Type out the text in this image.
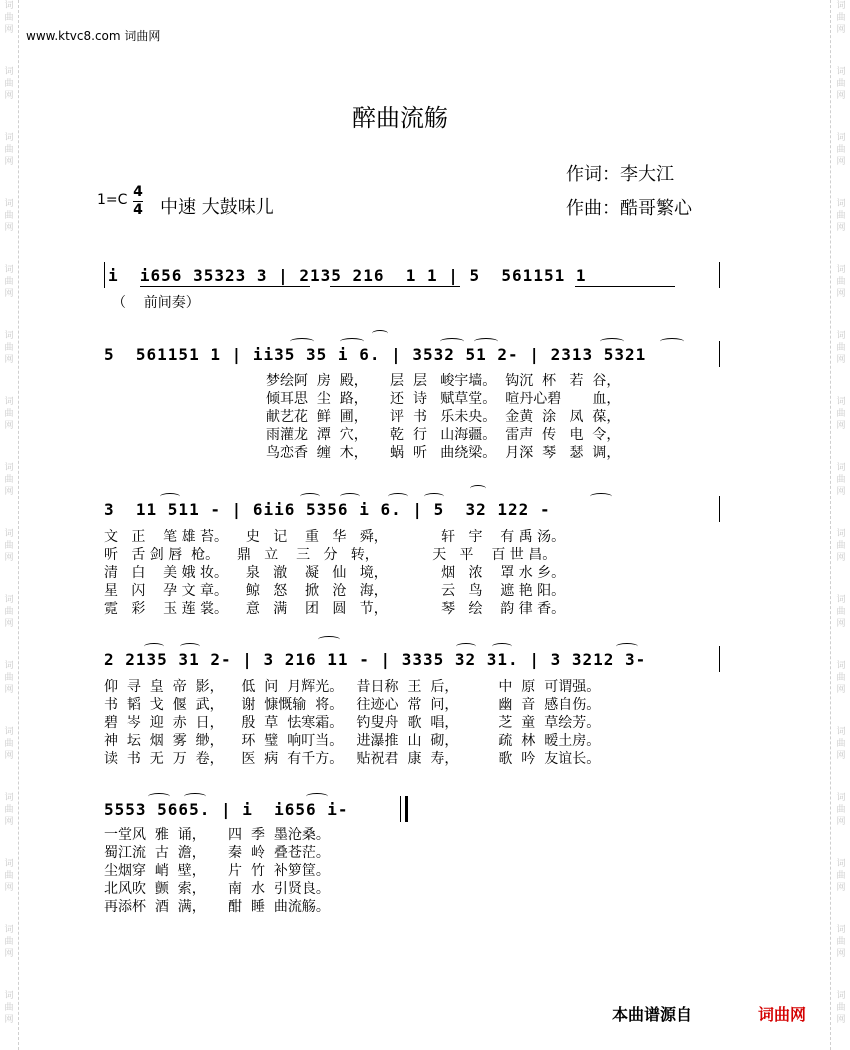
词
曲
网
词
曲
网
词
曲
网
词
曲
网
词
曲
网
词
曲
网
词
曲
网
词
曲
网
词
曲
网
词
曲
网
词
曲
网
词
曲
网
词
曲
网
词
曲
网
词
曲
网
词
曲
网
词
曲
网
词
曲
网
词
曲
网
词
曲
网
词
曲
网
词
曲
网
词
曲
网
词
曲
网
词
曲
网
词
曲
网
词
曲
网
词
曲
网
词
曲
网
词
曲
网
词
曲
网
词
曲
网
www.ktvc8.com 词曲网
醉曲流觞
作词：李大江
作曲：酷哥繁心
1=C 4
4 中速 大鼓味儿
i  i656 35323 3 | 2135 216  1 1 | 5  561151 1
（    前间奏）
5  561151 1 | ii35 35 i 6. | 3532 51 2- | 2313 5321
梦绘阿  房  殿，     层  层   峻宇墙。  钩沉  杯   若  谷，
倾耳思  尘  路，     还  诗   赋草堂。  喧丹心碧       血，
献艺花  鲜  圃，     评  书   乐未央。  金黄  涂   凤  葆，
雨灌龙  潭  穴，     乾  行   山海疆。  雷声  传   电  令，
鸟恋香  缠  木，     蜗  听   曲绕梁。  月深  琴   瑟  调，
3  11 511 - | 6ii6 5356 i 6. | 5  32 122 -
文   正    笔 雄 苔。    史   记    重   华   舜，            轩   宇    有 禹 汤。
听   舌 剑 唇  枪。    鼎   立    三   分   转，            天   平    百 世 昌。
清   白    美 娥 妆。    泉   澈    凝   仙   境，            烟   浓    罩 水 乡。
星   闪    孕 文 章。    鲸   怒    掀   沧   海，            云   鸟    遮 艳 阳。
霓   彩    玉 莲 裳。    意   满    团   圆   节，            琴   绘    韵 律 香。
2 2135 31 2- | 3 216 11 - | 3335 32 31. | 3 3212 3-
仰  寻  皇  帝  影，    低  问  月辉光。   昔日称  王  后，         中  原  可谓强。
书  韬  戈  偃  武，    谢  慷慨输  将。   往迹心  常  问，         幽  音  感自伤。
碧  岑  迎  赤  日，    殷  草  怯寒霜。   钓叟舟  歌  唱，         芝  童  草绘芳。
神  坛  烟  雾  缈，    环  璧  响叮当。   进瀑推  山  砌，         疏  林  暧土房。
读  书  无  万  卷，    医  病  有千方。   贴祝君  康  寿，         歌  吟  友谊长。
5553 5665. | i  i656 i-
一堂风  雅  诵，     四  季  墨沧桑。
蜀江流  古  澹，     秦  岭  叠苍茫。
尘烟穿  峭  壁，     片  竹  补箩筐。
北风吹  颤  索，     南  水  引贤良。
再添杯  酒  满，     酣  睡  曲流觞。
本曲谱源自	词曲网
